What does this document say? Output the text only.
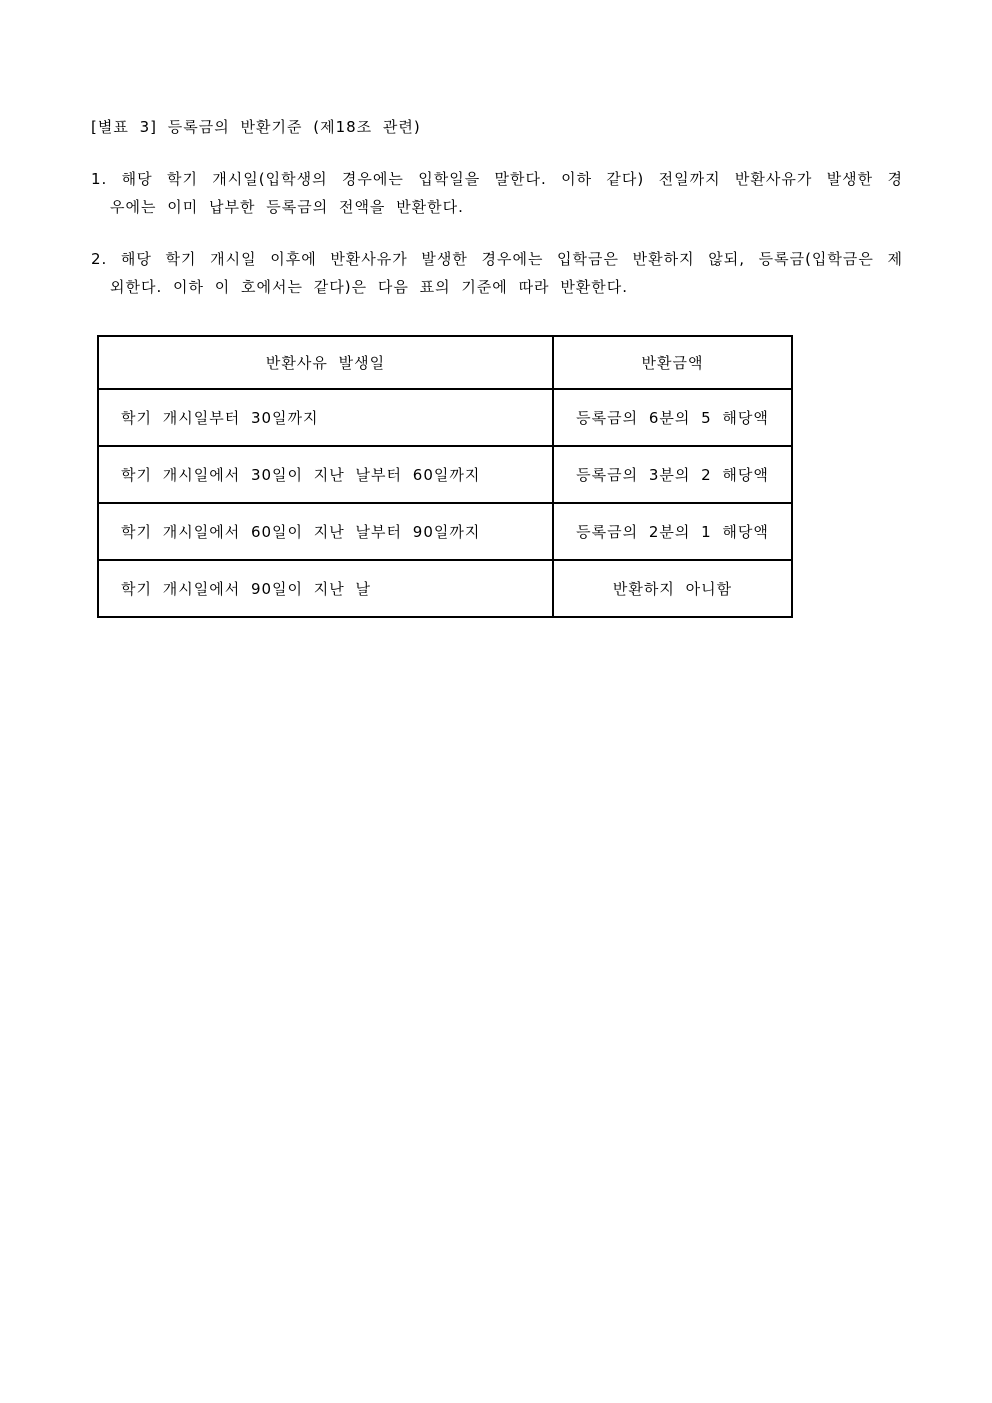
[별표 3] 등록금의 반환기준 (제18조 관련)
1. 해당 학기 개시일(입학생의 경우에는 입학일을 말한다. 이하 같다) 전일까지 반환사유가 발생한 경
우에는 이미 납부한 등록금의 전액을 반환한다.
2. 해당 학기 개시일 이후에 반환사유가 발생한 경우에는 입학금은 반환하지 않되, 등록금(입학금은 제
외한다. 이하 이 호에서는 같다)은 다음 표의 기준에 따라 반환한다.
반환사유 발생일	반환금액
학기 개시일부터 30일까지	등록금의 6분의 5 해당액
학기 개시일에서 30일이 지난 날부터 60일까지	등록금의 3분의 2 해당액
학기 개시일에서 60일이 지난 날부터 90일까지	등록금의 2분의 1 해당액
학기 개시일에서 90일이 지난 날	반환하지 아니함
